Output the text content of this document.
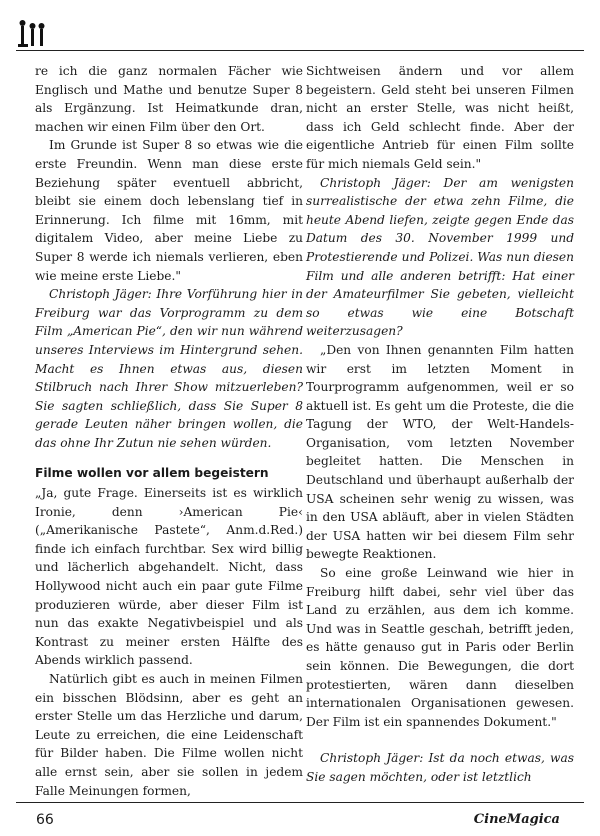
re ich die ganz normalen Fächer wie Englisch und Mathe und benutze Super 8 als Ergänzung. Ist Heimatkunde dran, machen wir einen Film über den Ort.

Im Grunde ist Super 8 so etwas wie die erste Freundin. Wenn man diese erste Beziehung später eventuell abbricht, bleibt sie einem doch lebenslang tief in Erinnerung. Ich filme mit 16mm, mit digitalem Video, aber meine Liebe zu Super 8 werde ich niemals verlieren, eben wie meine erste Liebe."

Christoph Jäger: Ihre Vorführung hier in Freiburg war das Vorprogramm zu dem Film „American Pie“, den wir nun während unseres Interviews im Hintergrund sehen. Macht es Ihnen etwas aus, diesen Stilbruch nach Ihrer Show mitzuerleben? Sie sagten schließlich, dass Sie Super 8 gerade Leuten näher bringen wollen, die das ohne Ihr Zutun nie sehen würden.

Filme wollen vor allem begeistern

„Ja, gute Frage. Einerseits ist es wirklich Ironie, denn ›American Pie‹ („Amerikanische Pastete“, Anm.d.Red.) finde ich einfach furchtbar. Sex wird billig und lächerlich abgehandelt. Nicht, dass Hollywood nicht auch ein paar gute Filme produzieren würde, aber dieser Film ist nun das exakte Negativbeispiel und als Kontrast zu meiner ersten Hälfte des Abends wirklich passend.

Natürlich gibt es auch in meinen Filmen ein bisschen Blödsinn, aber es geht an erster Stelle um das Herzliche und darum, Leute zu erreichen, die eine Leidenschaft für Bilder haben. Die Filme wollen nicht alle ernst sein, aber sie sollen in jedem Falle Meinungen formen,

Sichtweisen ändern und vor allem begeistern. Geld steht bei unseren Filmen nicht an erster Stelle, was nicht heißt, dass ich Geld schlecht finde. Aber der eigentliche Antrieb für einen Film sollte für mich niemals Geld sein."

Christoph Jäger: Der am wenigsten surrealistische der etwa zehn Filme, die heute Abend liefen, zeigte gegen Ende das Datum des 30. November 1999 und Protestierende und Polizei. Was nun diesen Film und alle anderen betrifft: Hat einer der Amateurfilmer Sie gebeten, vielleicht so etwas wie eine Botschaft weiterzusagen?

„Den von Ihnen genannten Film hatten wir erst im letzten Moment in Tourprogramm aufgenommen, weil er so aktuell ist. Es geht um die Proteste, die die Tagung der WTO, der Welt-Handels-Organisation, vom letzten November begleitet hatten. Die Menschen in Deutschland und überhaupt außerhalb der USA scheinen sehr wenig zu wissen, was in den USA abläuft, aber in vielen Städten der USA hatten wir bei diesem Film sehr bewegte Reaktionen.

So eine große Leinwand wie hier in Freiburg hilft dabei, sehr viel über das Land zu erzählen, aus dem ich komme. Und was in Seattle geschah, betrifft jeden, es hätte genauso gut in Paris oder Berlin sein können. Die Bewegungen, die dort protestierten, wären dann dieselben internationalen Organisationen gewesen. Der Film ist ein spannendes Dokument."

Christoph Jäger: Ist da noch etwas, was Sie sagen möchten, oder ist letztlich

66	CineMagica
